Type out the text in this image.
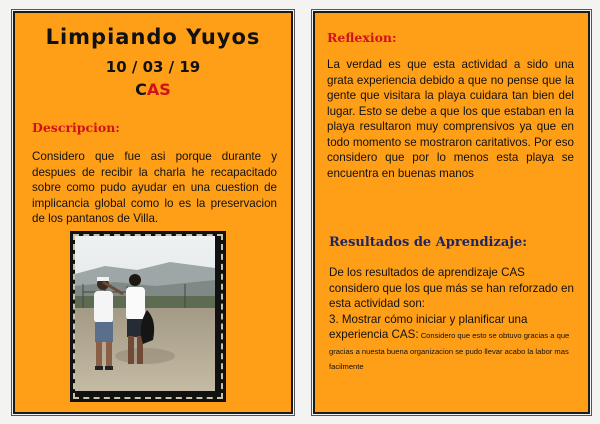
Limpiando Yuyos
10 / 03 / 19
CAS
Descripcion:
Considero que fue asi porque durante y despues de recibir la charla he recapacitado sobre como pudo ayudar en una cuestion de implicancia global como lo es la preservacion de los pantanos de Villa.
Reflexion:
La verdad es que esta actividad a sido una grata experiencia debido a que no pense que la gente que visitara la playa cuidara tan bien del lugar. Esto se debe a que los que estaban en la playa resultaron muy comprensivos ya que en todo momento se mostraron caritativos. Por eso considero que por lo menos esta playa se encuentra en buenas manos
Resultados de Aprendizaje:
De los resultados de aprendizaje CAS considero que los que más se han reforzado en esta actividad son:
3. Mostrar cómo iniciar y planificar una experiencia CAS: Considero que esto se obtuvo gracias a que gracias a nuesta buena organizacion se pudo llevar acabo la labor mas facilmente
